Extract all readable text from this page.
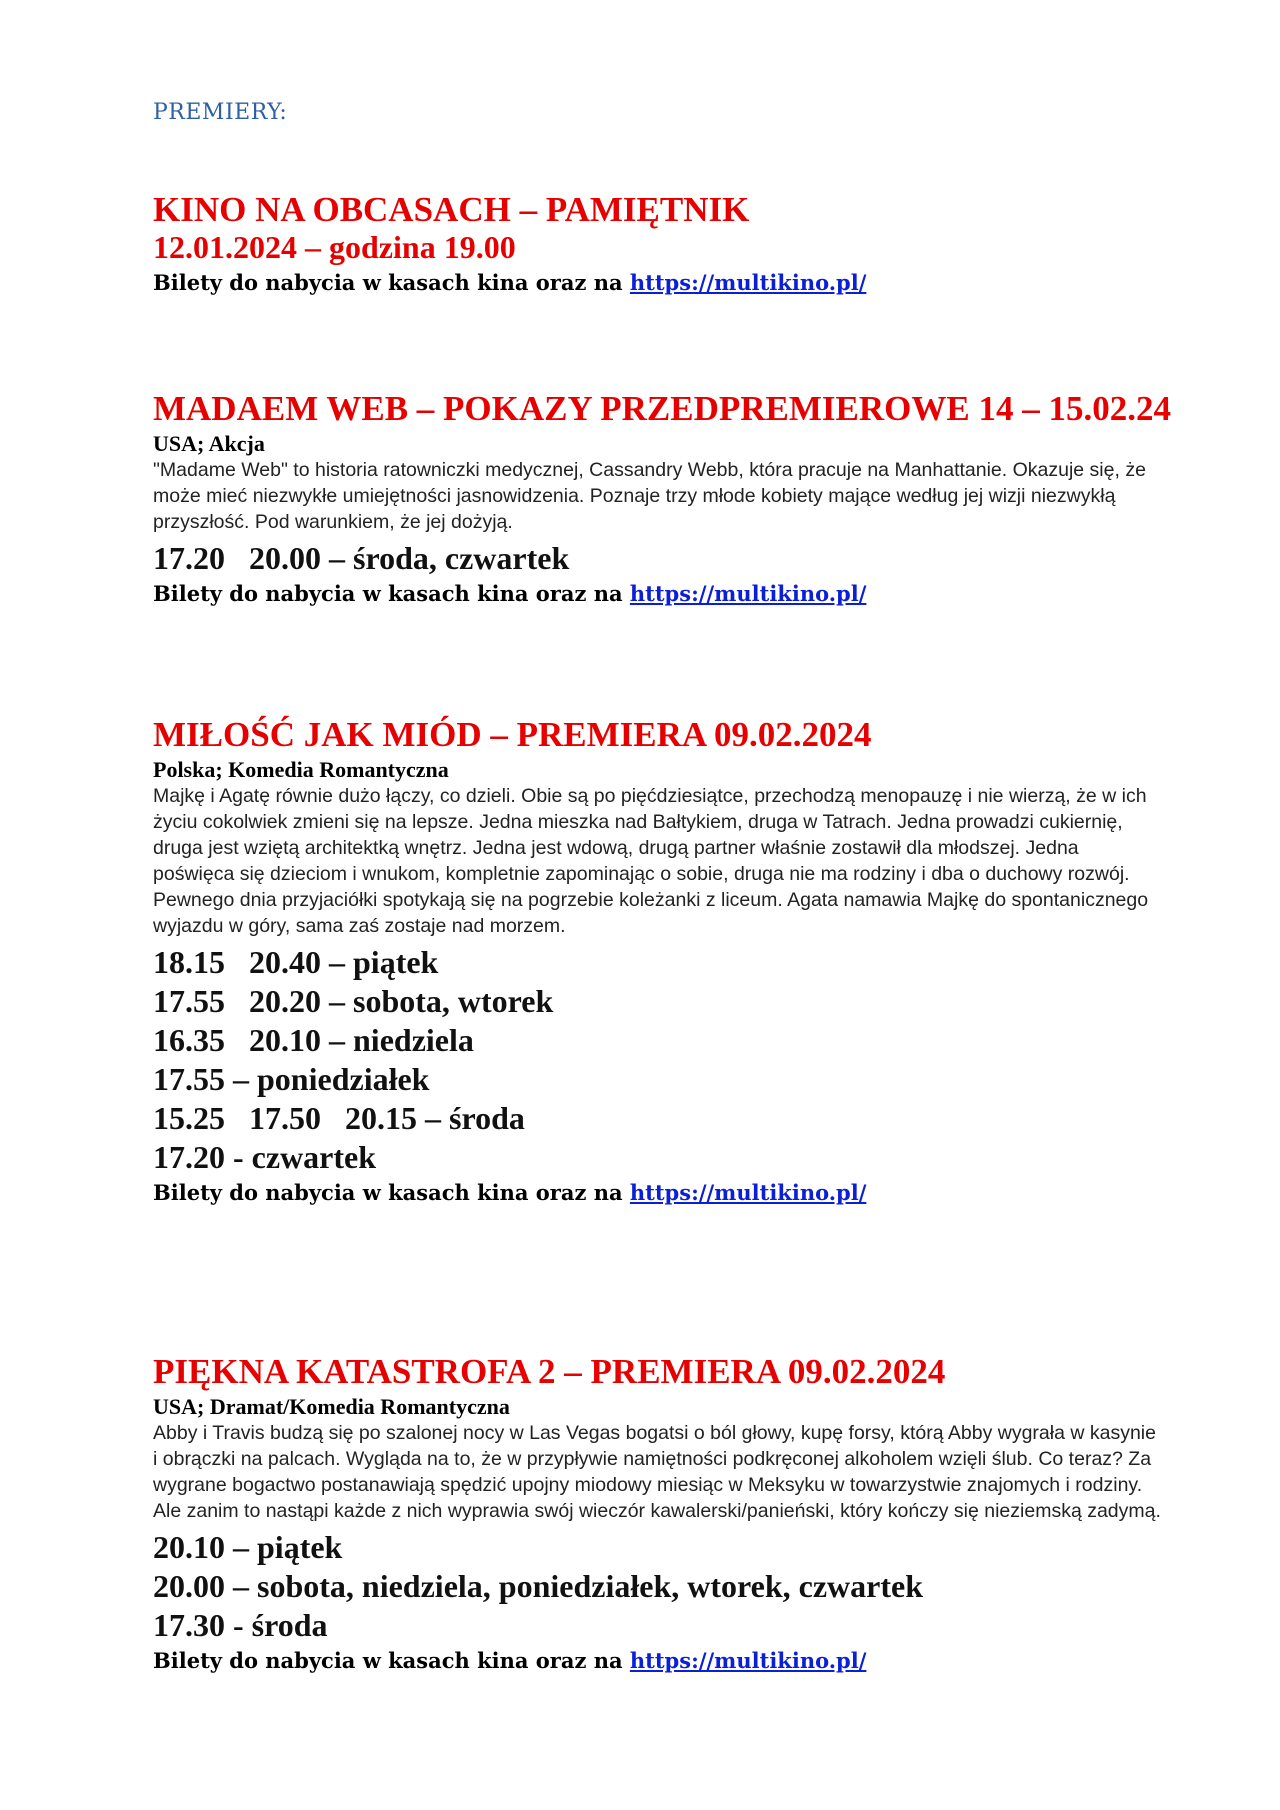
PREMIERY:

KINO NA OBCASACH – PAMIĘTNIK

12.01.2024 – godzina 19.00
Bilety do nabycia w kasach kina oraz na https://multikino.pl/

MADAEM WEB – POKAZY PRZEDPREMIEROWE 14 – 15.02.24

USA; Akcja

"Madame Web" to historia ratowniczki medycznej, Cassandry Webb, która pracuje na Manhattanie. Okazuje się, że może mieć niezwykłe umiejętności jasnowidzenia. Poznaje trzy młode kobiety mające według jej wizji niezwykłą przyszłość. Pod warunkiem, że jej dożyją.

17.20   20.00 – środa, czwartek
Bilety do nabycia w kasach kina oraz na https://multikino.pl/

MIŁOŚĆ JAK MIÓD – PREMIERA 09.02.2024

Polska; Komedia Romantyczna

Majkę i Agatę równie dużo łączy, co dzieli. Obie są po pięćdziesiątce, przechodzą menopauzę i nie wierzą, że w ich życiu cokolwiek zmieni się na lepsze. Jedna mieszka nad Bałtykiem, druga w Tatrach. Jedna prowadzi cukiernię, druga jest wziętą architektką wnętrz. Jedna jest wdową, drugą partner właśnie zostawił dla młodszej. Jedna poświęca się dzieciom i wnukom, kompletnie zapominając o sobie, druga nie ma rodziny i dba o duchowy rozwój. Pewnego dnia przyjaciółki spotykają się na pogrzebie koleżanki z liceum. Agata namawia Majkę do spontanicznego wyjazdu w góry, sama zaś zostaje nad morzem.

18.15   20.40 – piątek
17.55   20.20 – sobota, wtorek
16.35   20.10 – niedziela
17.55 – poniedziałek
15.25   17.50   20.15 – środa
17.20 - czwartek
Bilety do nabycia w kasach kina oraz na https://multikino.pl/

PIĘKNA KATASTROFA 2 – PREMIERA 09.02.2024

USA; Dramat/Komedia Romantyczna

Abby i Travis budzą się po szalonej nocy w Las Vegas bogatsi o ból głowy, kupę forsy, którą Abby wygrała w kasynie i obrączki na palcach. Wygląda na to, że w przypływie namiętności podkręconej alkoholem wzięli ślub. Co teraz? Za wygrane bogactwo postanawiają spędzić upojny miodowy miesiąc w Meksyku w towarzystwie znajomych i rodziny. Ale zanim to nastąpi każde z nich wyprawia swój wieczór kawalerski/panieński, który kończy się nieziemską zadymą.

20.10 – piątek
20.00 – sobota, niedziela, poniedziałek, wtorek, czwartek
17.30 - środa
Bilety do nabycia w kasach kina oraz na https://multikino.pl/
